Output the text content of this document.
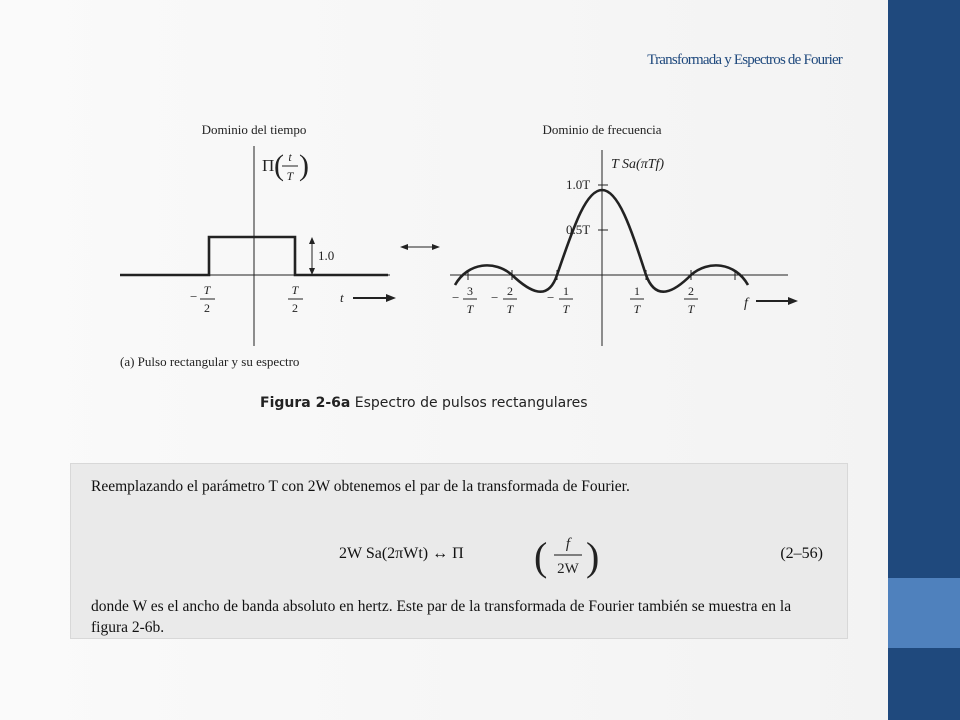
Transformada y Espectros de Fourier
Dominio del tiempo
1.0
Π ( t
T )
− T
2
T
2
t
Dominio de frecuencia
1.0T
0.5T
T Sa(πTf)
− 3
T
− 2
T
− 1
T
1
T
2
T	f
(a) Pulso rectangular y su espectro
Figura 2-6a Espectro de pulsos rectangulares
Reemplazando el parámetro T con 2W obtenemos el par de la transformada de Fourier.
2W Sa(2πWt) ↔ Π ( f
2W )	(2–56)
donde W es el ancho de banda absoluto en hertz. Este par de la transformada de Fourier también se muestra en la figura 2-6b.
